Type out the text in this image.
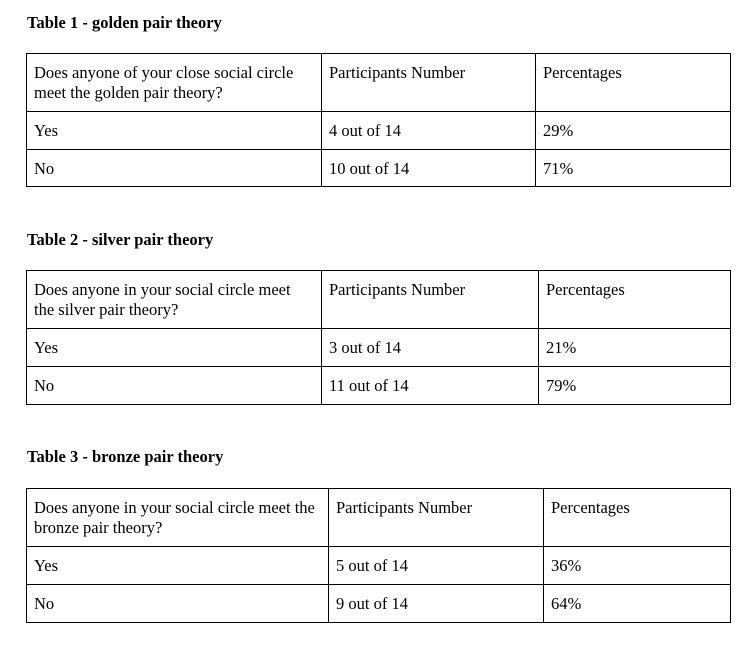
Table 1 - golden pair theory
Does anyone of your close social circle meet the golden pair theory?	Participants Number	Percentages

Yes	4 out of 14	29%
No	10 out of 14	71%
Table 2 - silver pair theory
Does anyone in your social circle meet the silver pair theory?	Participants Number	Percentages

Yes	3 out of 14	21%
No	11 out of 14	79%
Table 3 - bronze pair theory
Does anyone in your social circle meet the bronze pair theory?	Participants Number	Percentages

Yes	5 out of 14	36%
No	9 out of 14	64%
